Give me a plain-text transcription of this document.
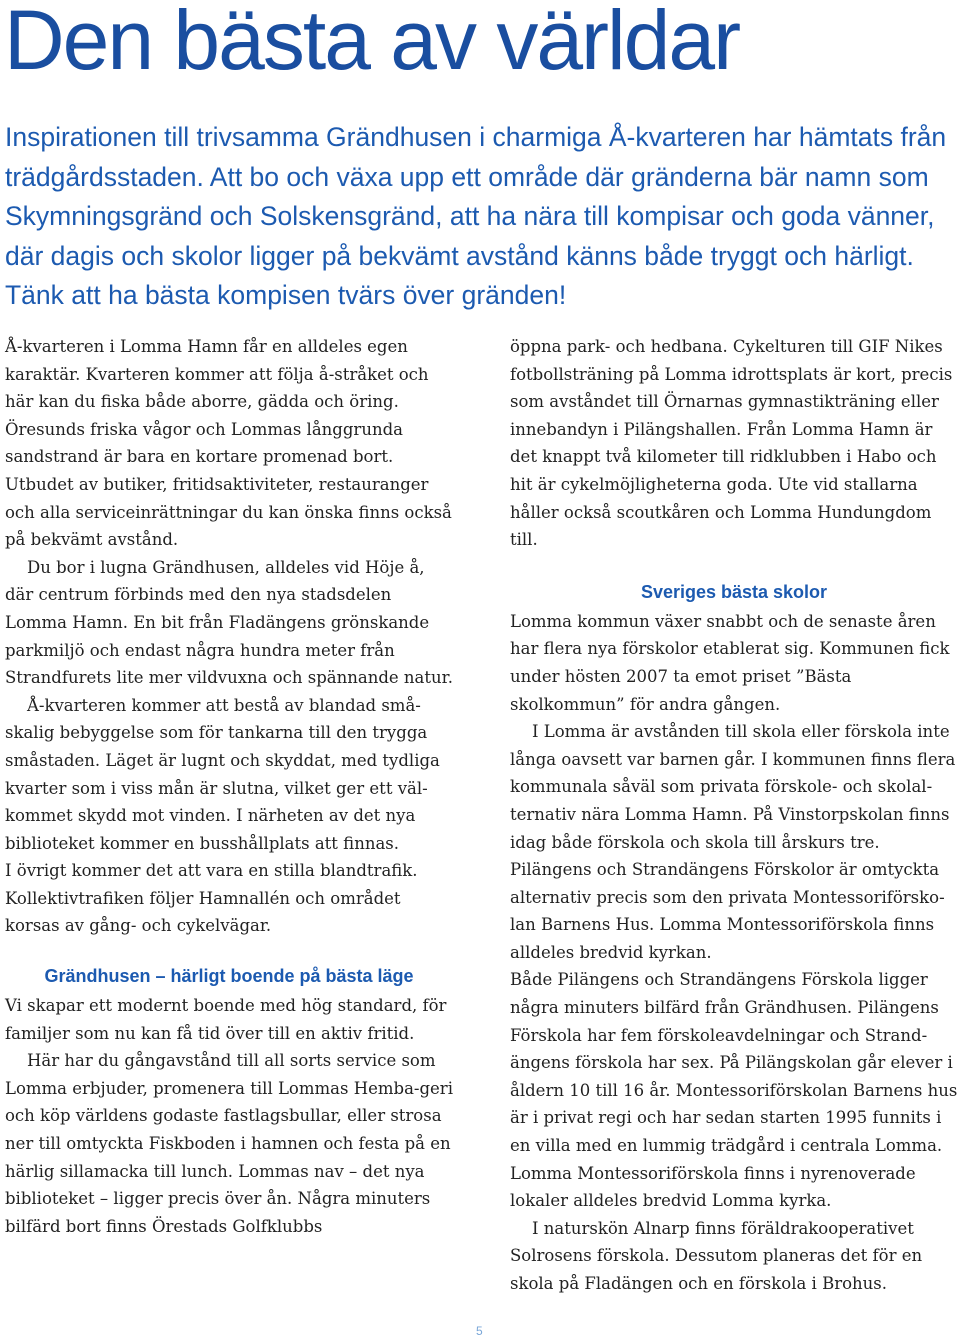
Den bästa av världar

Inspirationen till trivsamma Grändhusen i charmiga Å-kvarteren har hämtats från trädgårdsstaden. Att bo och växa upp ett område där gränderna bär namn som Skymningsgränd och Solskensgränd, att ha nära till kompisar och goda vänner, där dagis och skolor ligger på bekvämt avstånd känns både tryggt och härligt. Tänk att ha bästa kompisen tvärs över gränden!

Å-kvarteren i Lomma Hamn får en alldeles egen karaktär. Kvarteren kommer att följa å-stråket och här kan du fiska både aborre, gädda och öring. Öresunds friska vågor och Lommas långgrunda sandstrand är bara en kortare promenad bort. Utbudet av butiker, fritidsaktiviteter, restauranger och alla serviceinrättningar du kan önska finns också på bekvämt avstånd.

Du bor i lugna Grändhusen, alldeles vid Höje å, där centrum förbinds med den nya stadsdelen Lomma Hamn. En bit från Fladängens grönskande parkmiljö och endast några hundra meter från Strandfurets lite mer vildvuxna och spännande natur.

Å-kvarteren kommer att bestå av blandad små-skalig bebyggelse som för tankarna till den trygga småstaden. Läget är lugnt och skyddat, med tydliga kvarter som i viss mån är slutna, vilket ger ett väl-kommet skydd mot vinden. I närheten av det nya biblioteket kommer en busshållplats att finnas.

I övrigt kommer det att vara en stilla blandtrafik. Kollektivtrafiken följer Hamnallén och området korsas av gång- och cykelvägar.

Grändhusen – härligt boende på bästa läge

Vi skapar ett modernt boende med hög standard, för familjer som nu kan få tid över till en aktiv fritid.

Här har du gångavstånd till all sorts service som Lomma erbjuder, promenera till Lommas Hemba-geri och köp världens godaste fastlagsbullar, eller strosa ner till omtyckta Fiskboden i hamnen och festa på en härlig sillamacka till lunch. Lommas nav – det nya biblioteket – ligger precis över ån. Några minuters bilfärd bort finns Örestads Golfklubbs

öppna park- och hedbana. Cykelturen till GIF Nikes fotbollsträning på Lomma idrottsplats är kort, precis som avståndet till Örnarnas gymnastikträning eller innebandyn i Pilängshallen. Från Lomma Hamn är det knappt två kilometer till ridklubben i Habo och hit är cykelmöjligheterna goda. Ute vid stallarna håller också scoutkåren och Lomma Hundungdom till.

Sveriges bästa skolor

Lomma kommun växer snabbt och de senaste åren har flera nya förskolor etablerat sig. Kommunen fick under hösten 2007 ta emot priset ”Bästa skolkommun” för andra gången.

I Lomma är avstånden till skola eller förskola inte långa oavsett var barnen går. I kommunen finns flera kommunala såväl som privata förskole- och skolal-ternativ nära Lomma Hamn. På Vinstorpskolan finns idag både förskola och skola till årskurs tre. Pilängens och Strandängens Förskolor är omtyckta alternativ precis som den privata Montessoriförsko-lan Barnens Hus. Lomma Montessoriförskola finns alldeles bredvid kyrkan.

Både Pilängens och Strandängens Förskola ligger några minuters bilfärd från Grändhusen. Pilängens Förskola har fem förskoleavdelningar och Strand-ängens förskola har sex. På Pilängskolan går elever i åldern 10 till 16 år. Montessoriförskolan Barnens hus är i privat regi och har sedan starten 1995 funnits i en villa med en lummig trädgård i centrala Lomma. Lomma Montessoriförskola finns i nyrenoverade lokaler alldeles bredvid Lomma kyrka.

I naturskön Alnarp finns föräldrakooperativet Solrosens förskola. Dessutom planeras det för en skola på Fladängen och en förskola i Brohus.

5
